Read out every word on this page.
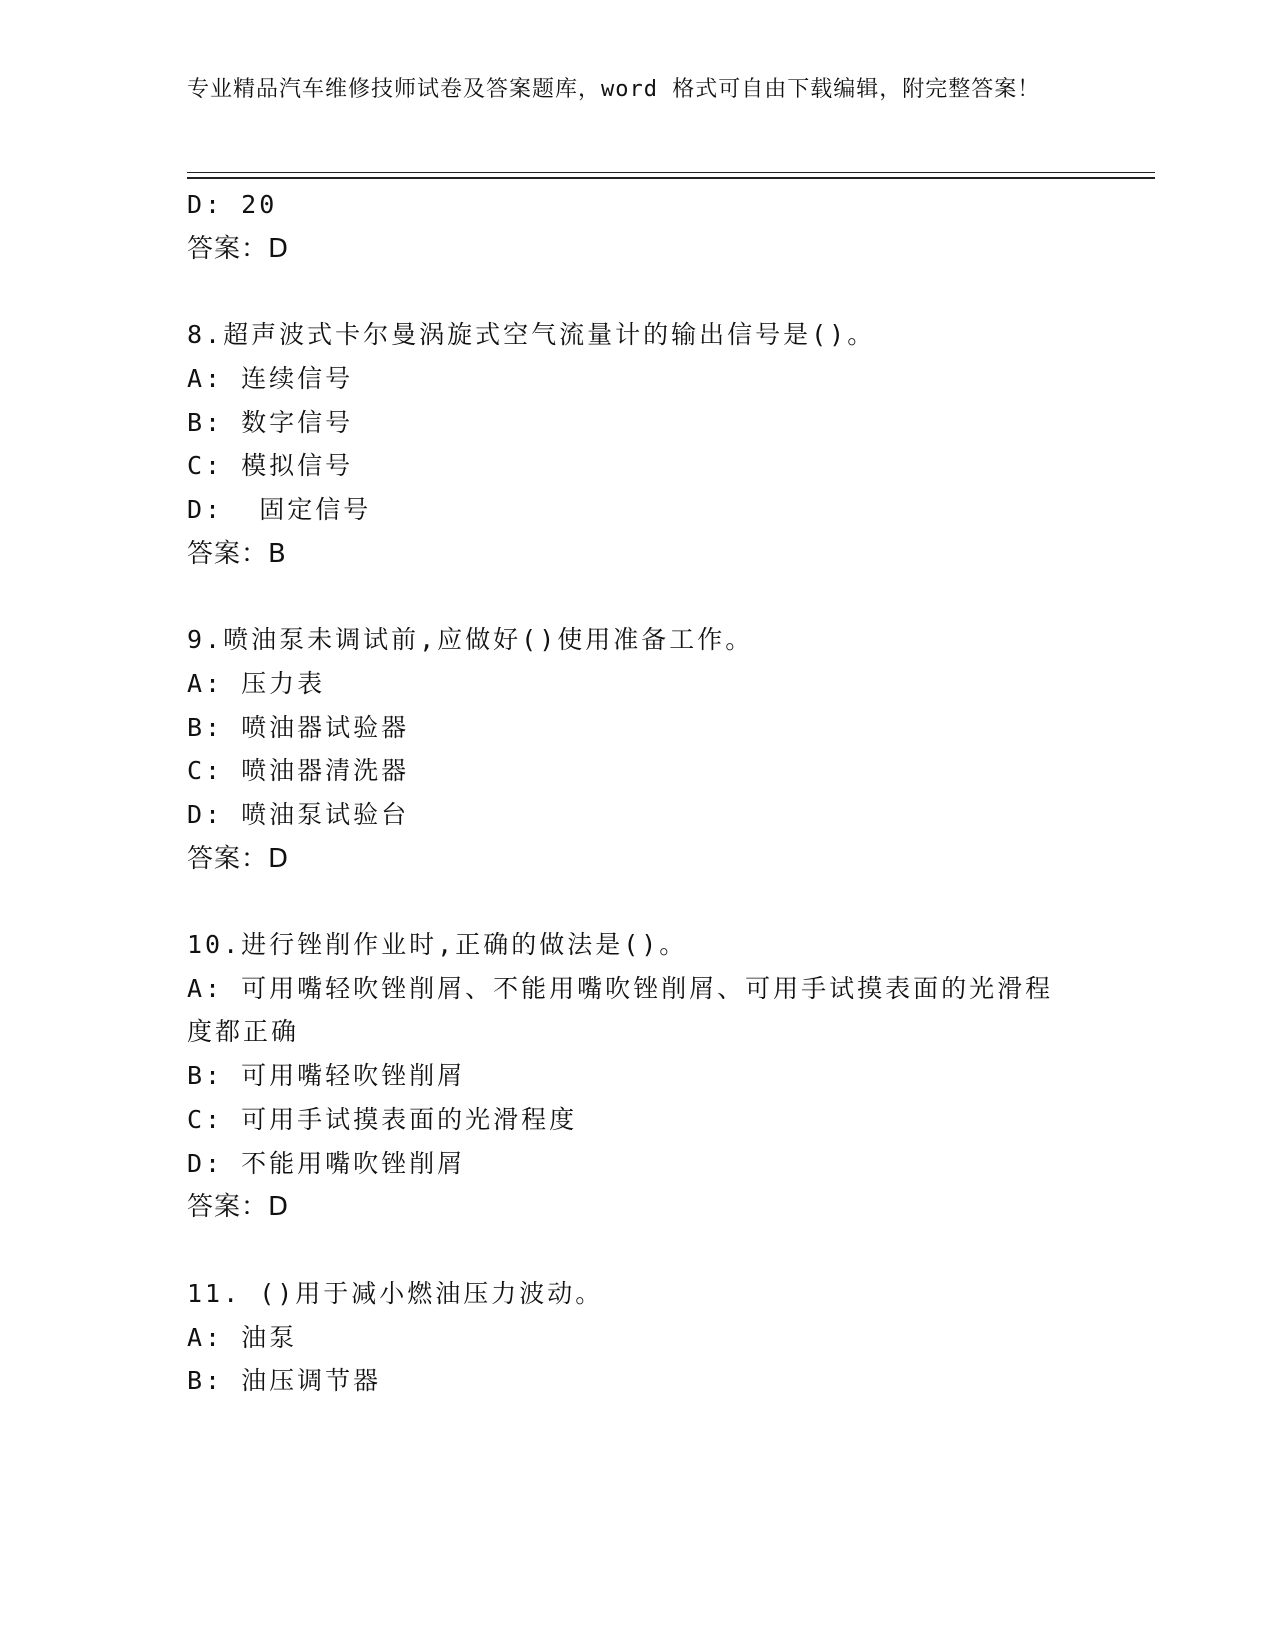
专业精品汽车维修技师试卷及答案题库，word 格式可自由下载编辑，附完整答案！
D: 20
答案：D
8.超声波式卡尔曼涡旋式空气流量计的输出信号是()。
A: 连续信号
B: 数字信号
C: 模拟信号
D:  固定信号
答案：B
9.喷油泵未调试前,应做好()使用准备工作。
A: 压力表
B: 喷油器试验器
C: 喷油器清洗器
D: 喷油泵试验台
答案：D
10.进行锉削作业时,正确的做法是()。
A: 可用嘴轻吹锉削屑、不能用嘴吹锉削屑、可用手试摸表面的光滑程
度都正确
B: 可用嘴轻吹锉削屑
C: 可用手试摸表面的光滑程度
D: 不能用嘴吹锉削屑
答案：D
11. ()用于减小燃油压力波动。
A: 油泵
B: 油压调节器
